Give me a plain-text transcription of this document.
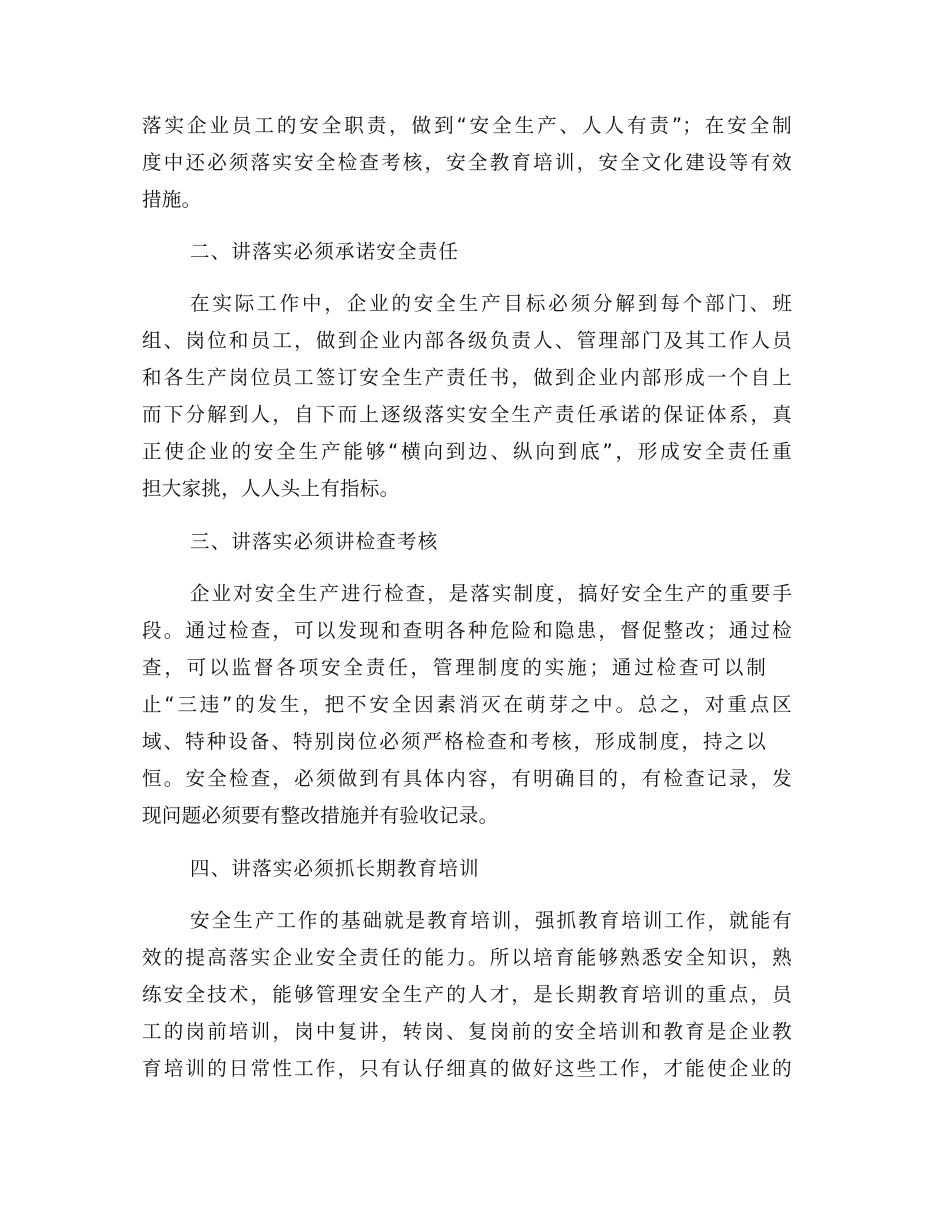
落实企业员工的安全职责，做到“安全生产、人人有责”；在安全制
度中还必须落实安全检查考核，安全教育培训，安全文化建设等有效
措施。
二、讲落实必须承诺安全责任
在实际工作中，企业的安全生产目标必须分解到每个部门、班
组、岗位和员工，做到企业内部各级负责人、管理部门及其工作人员
和各生产岗位员工签订安全生产责任书，做到企业内部形成一个自上
而下分解到人，自下而上逐级落实安全生产责任承诺的保证体系，真
正使企业的安全生产能够“横向到边、纵向到底”，形成安全责任重
担大家挑，人人头上有指标。
三、讲落实必须讲检查考核
企业对安全生产进行检查，是落实制度，搞好安全生产的重要手
段。通过检查，可以发现和查明各种危险和隐患，督促整改；通过检
查，可以监督各项安全责任，管理制度的实施；通过检查可以制
止“三违”的发生，把不安全因素消灭在萌芽之中。总之，对重点区
域、特种设备、特别岗位必须严格检查和考核，形成制度，持之以
恒。安全检查，必须做到有具体内容，有明确目的，有检查记录，发
现问题必须要有整改措施并有验收记录。
四、讲落实必须抓长期教育培训
安全生产工作的基础就是教育培训，强抓教育培训工作，就能有
效的提高落实企业安全责任的能力。所以培育能够熟悉安全知识，熟
练安全技术，能够管理安全生产的人才，是长期教育培训的重点，员
工的岗前培训，岗中复讲，转岗、复岗前的安全培训和教育是企业教
育培训的日常性工作，只有认仔细真的做好这些工作，才能使企业的
